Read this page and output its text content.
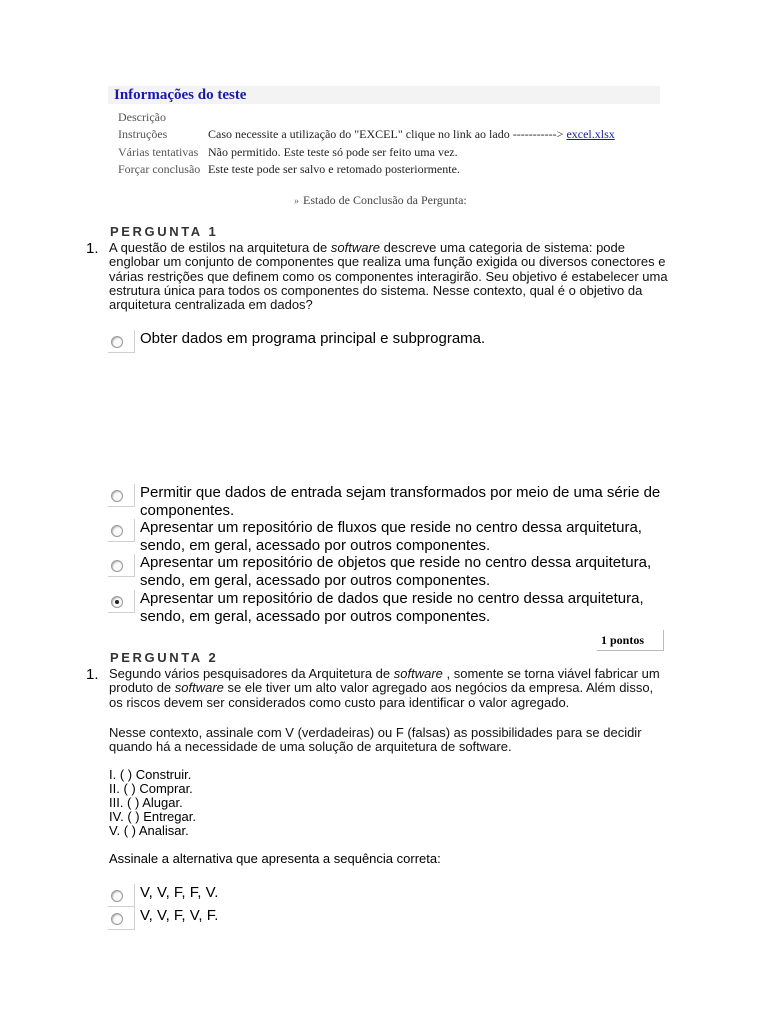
Informações do teste
Descrição
Instruções	Caso necessite a utilização do "EXCEL" clique no link ao lado -----------> excel.xlsx
Várias tentativas Não permitido. Este teste só pode ser feito uma vez.
Forçar conclusão Este teste pode ser salvo e retomado posteriormente.
» Estado de Conclusão da Pergunta:
PERGUNTA 1
1. A questão de estilos na arquitetura de software descreve uma categoria de sistema: pode englobar um conjunto de componentes que realiza uma função exigida ou diversos conectores e várias restrições que definem como os componentes interagirão. Seu objetivo é estabelecer uma estrutura única para todos os componentes do sistema. Nesse contexto, qual é o objetivo da arquitetura centralizada em dados?
Obter dados em programa principal e subprograma.
Permitir que dados de entrada sejam transformados por meio de uma série de componentes.
Apresentar um repositório de fluxos que reside no centro dessa arquitetura, sendo, em geral, acessado por outros componentes.
Apresentar um repositório de objetos que reside no centro dessa arquitetura, sendo, em geral, acessado por outros componentes.
Apresentar um repositório de dados que reside no centro dessa arquitetura, sendo, em geral, acessado por outros componentes.
1 pontos
PERGUNTA 2
1. Segundo vários pesquisadores da Arquitetura de software , somente se torna viável fabricar um produto de software se ele tiver um alto valor agregado aos negócios da empresa. Além disso, os riscos devem ser considerados como custo para identificar o valor agregado.
Nesse contexto, assinale com V (verdadeiras) ou F (falsas) as possibilidades para se decidir quando há a necessidade de uma solução de arquitetura de software.
I. ( ) Construir.
II. ( ) Comprar.
III. ( ) Alugar.
IV. ( ) Entregar.
V. ( ) Analisar.
Assinale a alternativa que apresenta a sequência correta:
V, V, F, F, V.
V, V, F, V, F.
